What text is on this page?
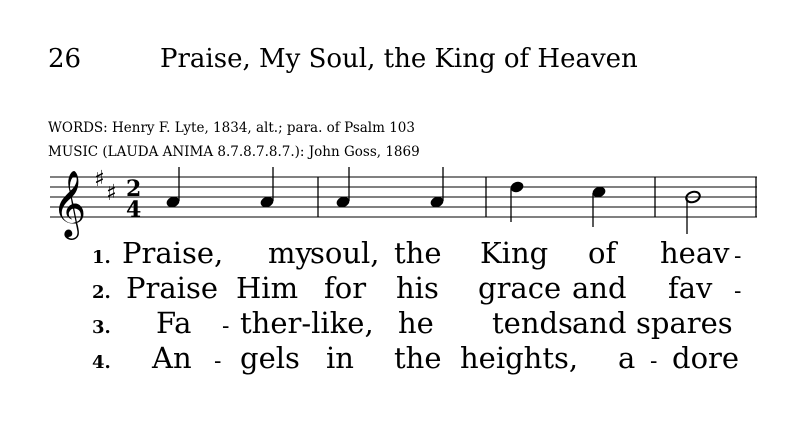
26	Praise, My Soul, the King of Heaven
WORDS: Henry F. Lyte, 1834, alt.; para. of Psalm 103
MUSIC (LAUDA ANIMA 8.7.8.7.8.7.): John Goss, 1869
𝄞 ♯
♯ 2
4
1. Praise, my
soul, the King of heav -
2. Praise Him for his grace and fav -
3. Fa - ther-like, he tends and spares
4. An - gels in the heights, a - dore
